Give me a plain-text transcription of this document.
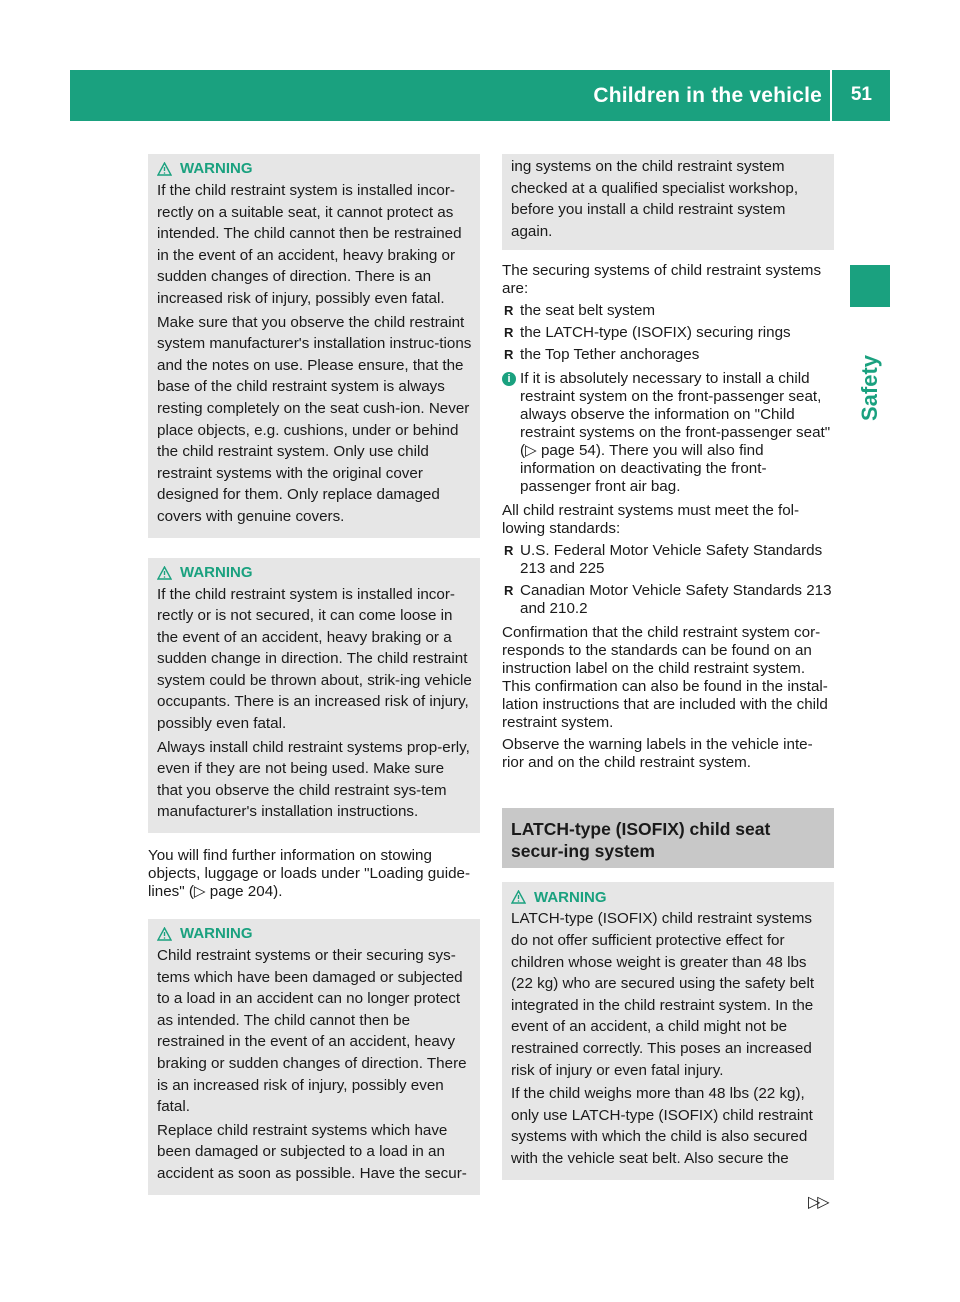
Children in the vehicle 51
Safety
WARNING

If the child restraint system is installed incor-rectly on a suitable seat, it cannot protect as intended. The child cannot then be restrained in the event of an accident, heavy braking or sudden changes of direction. There is an increased risk of injury, possibly even fatal.

Make sure that you observe the child restraint system manufacturer's installation instruc-tions and the notes on use. Please ensure, that the base of the child restraint system is always resting completely on the seat cush-ion. Never place objects, e.g. cushions, under or behind the child restraint system. Only use child restraint systems with the original cover designed for them. Only replace damaged covers with genuine covers.

WARNING

If the child restraint system is installed incor-rectly or is not secured, it can come loose in the event of an accident, heavy braking or a sudden change in direction. The child restraint system could be thrown about, strik-ing vehicle occupants. There is an increased risk of injury, possibly even fatal.

Always install child restraint systems prop-erly, even if they are not being used. Make sure that you observe the child restraint sys-tem manufacturer's installation instructions.

You will find further information on stowing objects, luggage or loads under "Loading guide-lines" (▷ page 204).

WARNING

Child restraint systems or their securing sys-tems which have been damaged or subjected to a load in an accident can no longer protect as intended. The child cannot then be restrained in the event of an accident, heavy braking or sudden changes of direction. There is an increased risk of injury, possibly even fatal.

Replace child restraint systems which have been damaged or subjected to a load in an accident as soon as possible. Have the secur-

ing systems on the child restraint system checked at a qualified specialist workshop, before you install a child restraint system again.

The securing systems of child restraint systems are:

R the seat belt system
R the LATCH-type (ISOFIX) securing rings
R the Top Tether anchorages
i If it is absolutely necessary to install a child restraint system on the front-passenger seat, always observe the information on "Child restraint systems on the front-passenger seat" (▷ page 54). There you will also find information on deactivating the front-passenger front air bag.

All child restraint systems must meet the fol-lowing standards:

R U.S. Federal Motor Vehicle Safety Standards 213 and 225
R Canadian Motor Vehicle Safety Standards 213 and 210.2

Confirmation that the child restraint system cor-responds to the standards can be found on an instruction label on the child restraint system. This confirmation can also be found in the instal-lation instructions that are included with the child restraint system.

Observe the warning labels in the vehicle inte-rior and on the child restraint system.

LATCH-type (ISOFIX) child seat secur-ing system
WARNING

LATCH-type (ISOFIX) child restraint systems do not offer sufficient protective effect for children whose weight is greater than 48 lbs (22 kg) who are secured using the safety belt integrated in the child restraint system. In the event of an accident, a child might not be restrained correctly. This poses an increased risk of injury or even fatal injury.

If the child weighs more than 48 lbs (22 kg), only use LATCH-type (ISOFIX) child restraint systems with which the child is also secured with the vehicle seat belt. Also secure the

▷▷
